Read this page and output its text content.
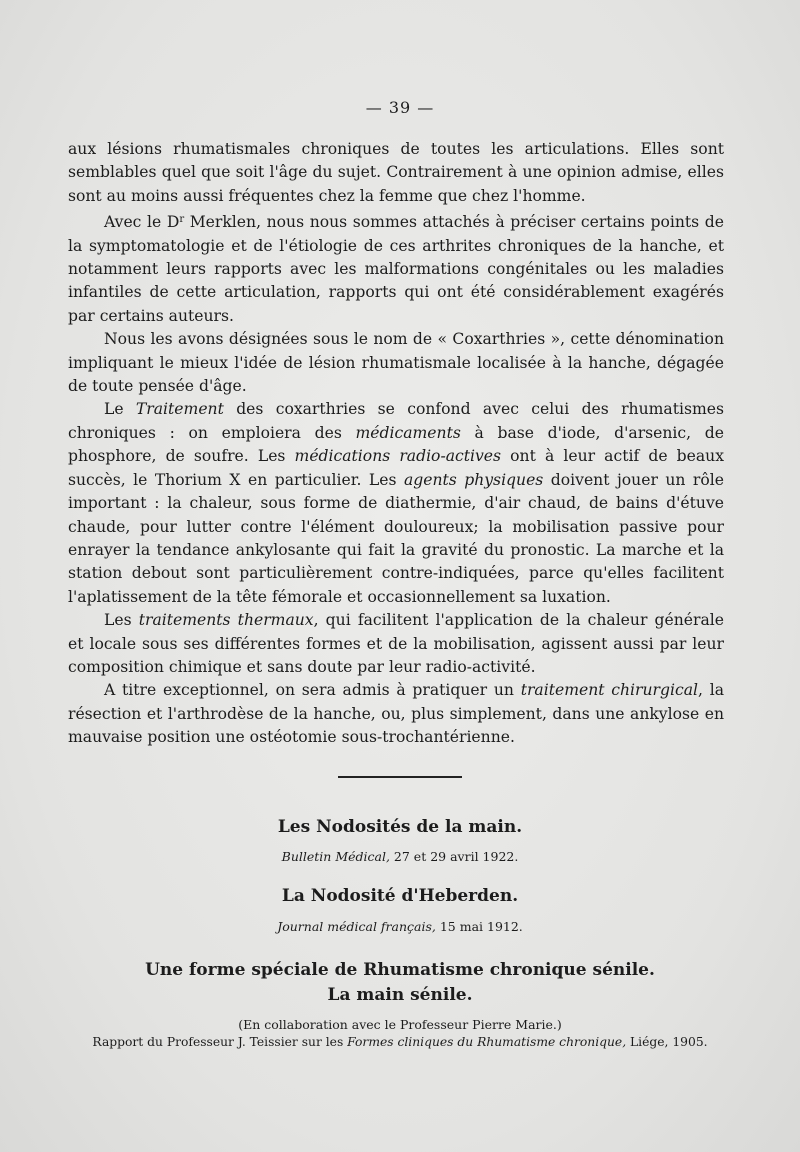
— 39 —

aux lésions rhumatismales chroniques de toutes les articulations. Elles sont semblables quel que soit l'âge du sujet. Contrairement à une opinion admise, elles sont au moins aussi fréquentes chez la femme que chez l'homme.

Avec le $D^r$ Merklen, nous nous sommes attachés à préciser certains points de la symptomatologie et de l'étiologie de ces arthrites chroniques de la hanche, et notamment leurs rapports avec les malformations congénitales ou les maladies infantiles de cette articulation, rapports qui ont été considérablement exagérés par certains auteurs.

Nous les avons désignées sous le nom de « Coxarthries », cette dénomination impliquant le mieux l'idée de lésion rhumatismale localisée à la hanche, dégagée de toute pensée d'âge.

Le Traitement des coxarthries se confond avec celui des rhumatismes chroniques : on emploiera des médicaments à base d'iode, d'arsenic, de phosphore, de soufre. Les médications radio-actives ont à leur actif de beaux succès, le Thorium X en particulier. Les agents physiques doivent jouer un rôle important : la chaleur, sous forme de diathermie, d'air chaud, de bains d'étuve chaude, pour lutter contre l'élément douloureux; la mobilisation passive pour enrayer la tendance ankylosante qui fait la gravité du pronostic. La marche et la station debout sont particulièrement contre-indiquées, parce qu'elles facilitent l'aplatissement de la tête fémorale et occasionnellement sa luxation.

Les traitements thermaux, qui facilitent l'application de la chaleur générale et locale sous ses différentes formes et de la mobilisation, agissent aussi par leur composition chimique et sans doute par leur radio-activité.

A titre exceptionnel, on sera admis à pratiquer un traitement chirurgical, la résection et l'arthrodèse de la hanche, ou, plus simplement, dans une ankylose en mauvaise position une ostéotomie sous-trochantérienne.

Les Nodosités de la main.
Bulletin Médical, 27 et 29 avril 1922.
La Nodosité d'Heberden.
Journal médical français, 15 mai 1912.
Une forme spéciale de Rhumatisme chronique sénile.
La main sénile.
(En collaboration avec le Professeur Pierre Marie.)
Rapport du Professeur J. Teissier sur les Formes cliniques du Rhumatisme chronique, Liége, 1905.
